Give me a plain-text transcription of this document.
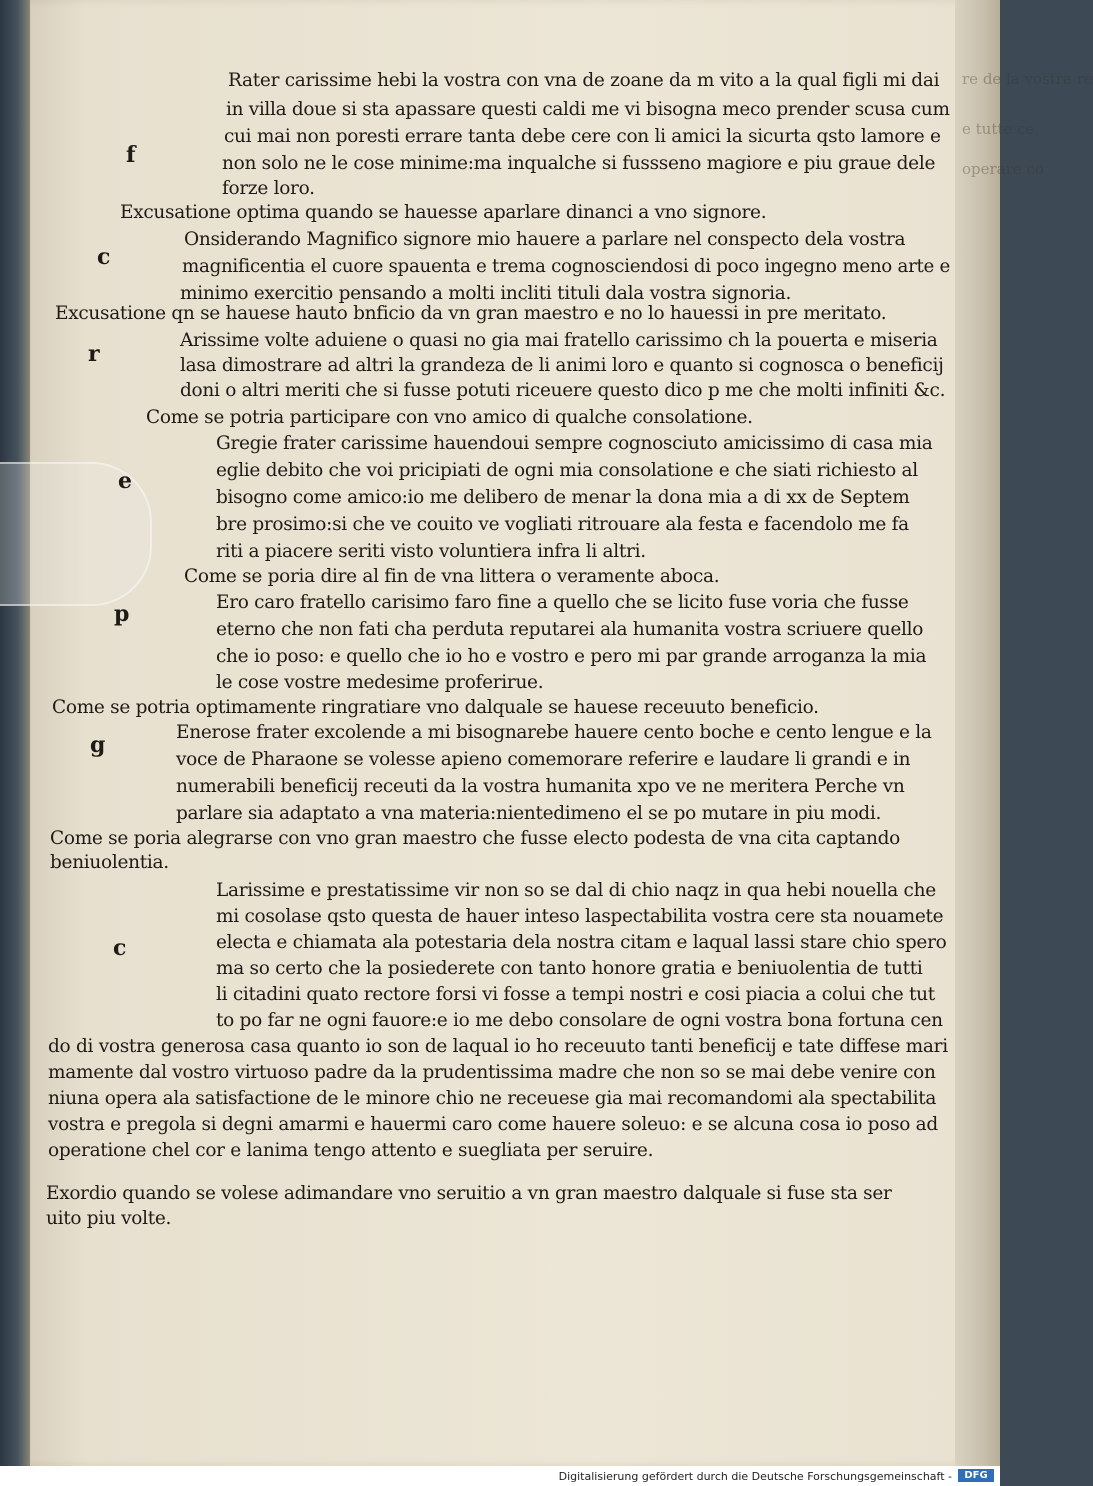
re de la vostra re
e tutte ce
operare co
f
c
r
e
p
g
c
Rater carissime hebi la vostra con vna de zoane da m vito a la qual figli mi dai
in villa doue si sta apassare questi caldi me vi bisogna meco prender scusa cum
cui mai non poresti errare tanta debe cere con li amici la sicurta qsto lamore e
non solo ne le cose minime:ma inqualche si fussseno magiore e piu graue dele
forze loro.
Excusatione optima quando se hauesse aparlare dinanci a vno signore.
Onsiderando Magnifico signore mio hauere a parlare nel conspecto dela vostra
magnificentia el cuore spauenta e trema cognosciendosi di poco ingegno meno arte e
minimo exercitio pensando a molti incliti tituli dala vostra signoria.
Excusatione qn se hauese hauto bnficio da vn gran maestro e no lo hauessi in pre meritato.
Arissime volte aduiene o quasi no gia mai fratello carissimo ch la pouerta e miseria
lasa dimostrare ad altri la grandeza de li animi loro e quanto si cognosca o beneficij
doni o altri meriti che si fusse potuti riceuere questo dico p me che molti infiniti &c.
Come se potria participare con vno amico di qualche consolatione.
Gregie frater carissime hauendoui sempre cognosciuto amicissimo di casa mia
eglie debito che voi pricipiati de ogni mia consolatione e che siati richiesto al
bisogno come amico:io me delibero de menar la dona mia a di xx de Septem
bre prosimo:si che ve couito ve vogliati ritrouare ala festa e facendolo me fa
riti a piacere seriti visto voluntiera infra li altri.
Come se poria dire al fin de vna littera o veramente aboca.
Ero caro fratello carisimo faro fine a quello che se licito fuse voria che fusse
eterno che non fati cha perduta reputarei ala humanita vostra scriuere quello
che io poso: e quello che io ho e vostro e pero mi par grande arroganza la mia
le cose vostre medesime proferirue.
Come se potria optimamente ringratiare vno dalquale se hauese receuuto beneficio.
Enerose frater excolende a mi bisognarebe hauere cento boche e cento lengue e la
voce de Pharaone se volesse apieno comemorare referire e laudare li grandi e in
numerabili beneficij receuti da la vostra humanita xpo ve ne meritera Perche vn
parlare sia adaptato a vna materia:nientedimeno el se po mutare in piu modi.
Come se poria alegrarse con vno gran maestro che fusse electo podesta de vna cita captando
beniuolentia.
Larissime e prestatissime vir non so se dal di chio naqz in qua hebi nouella che
mi cosolase qsto questa de hauer inteso laspectabilita vostra cere sta nouamete
electa e chiamata ala potestaria dela nostra citam e laqual lassi stare chio spero
ma so certo che la posiederete con tanto honore gratia e beniuolentia de tutti
li citadini quato rectore forsi vi fosse a tempi nostri e cosi piacia a colui che tut
to po far ne ogni fauore:e io me debo consolare de ogni vostra bona fortuna cen
do di vostra generosa casa quanto io son de laqual io ho receuuto tanti beneficij e tate diffese mari
mamente dal vostro virtuoso padre da la prudentissima madre che non so se mai debe venire con
niuna opera ala satisfactione de le minore chio ne receuese gia mai recomandomi ala spectabilita
vostra e pregola si degni amarmi e hauermi caro come hauere soleuo: e se alcuna cosa io poso ad
operatione chel cor e lanima tengo attento e suegliata per seruire.
Exordio quando se volese adimandare vno seruitio a vn gran maestro dalquale si fuse sta ser
uito piu volte.
Digitalisierung gefördert durch die Deutsche Forschungsgemeinschaft -	DFG
